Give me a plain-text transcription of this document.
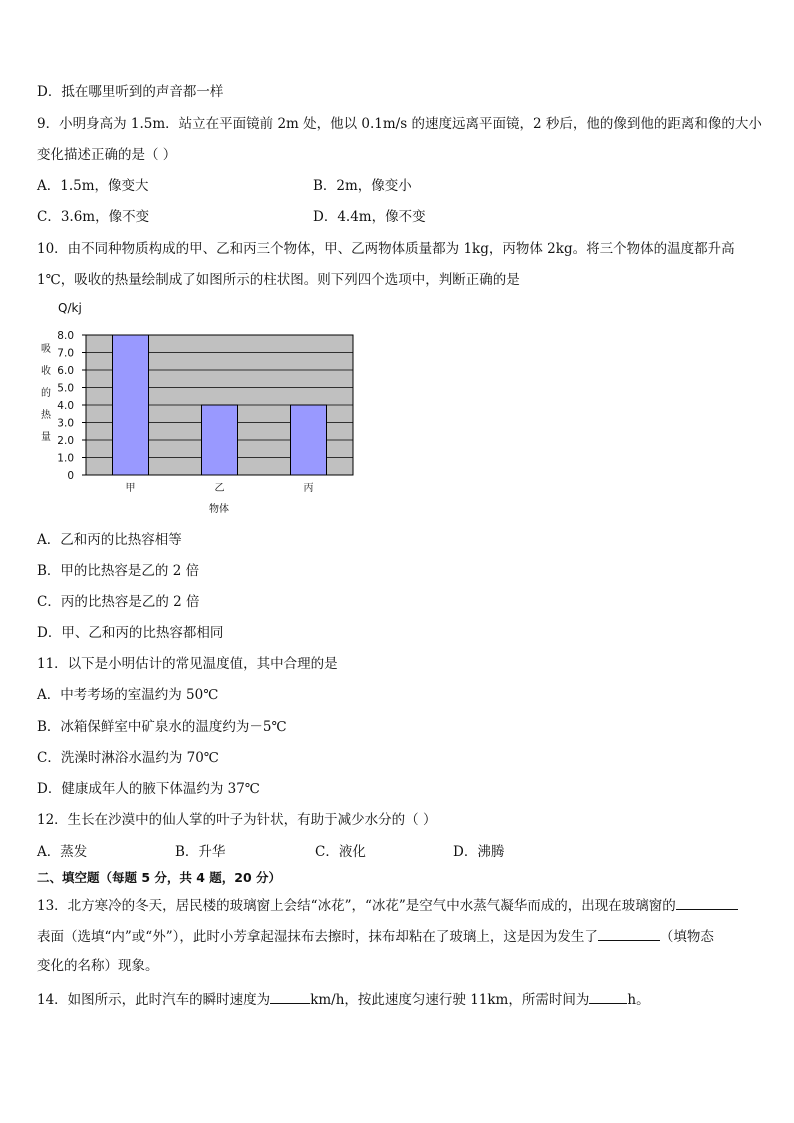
D．抵在哪里听到的声音都一样
9．小明身高为 1.5m．站立在平面镜前 2m 处，他以 0.1m/s 的速度远离平面镜，2 秒后，他的像到他的距离和像的大小
变化描述正确的是（ ）
A．1.5m，像变大	B．2m，像变小
C．3.6m，像不变	D．4.4m，像不变
10．由不同种物质构成的甲、乙和丙三个物体，甲、乙两物体质量都为 1kg，丙物体 2kg。将三个物体的温度都升高
1℃，吸收的热量绘制成了如图所示的柱状图。则下列四个选项中，判断正确的是
Q/kj
吸
收
的
热
量
0
1.0
2.0
3.0
4.0
5.0
6.0
7.0
8.0
甲	乙	丙
物体
A．乙和丙的比热容相等
B．甲的比热容是乙的 2 倍
C．丙的比热容是乙的 2 倍
D．甲、乙和丙的比热容都相同
11．以下是小明估计的常见温度值，其中合理的是
A．中考考场的室温约为 50℃
B．冰箱保鲜室中矿泉水的温度约为－5℃
C．洗澡时淋浴水温约为 70℃
D．健康成年人的腋下体温约为 37℃
12．生长在沙漠中的仙人掌的叶子为针状，有助于减少水分的（ ）
A．蒸发	B．升华	C．液化	D．沸腾
二、填空题（每题 5 分，共 4 题，20 分）
13．北方寒冷的冬天，居民楼的玻璃窗上会结“冰花”，“冰花”是空气中水蒸气凝华而成的，出现在玻璃窗的
表面（选填“内”或“外”），此时小芳拿起湿抹布去擦时，抹布却粘在了玻璃上，这是因为发生了	（填物态
变化的名称）现象。
14．如图所示，此时汽车的瞬时速度为	km/h，按此速度匀速行驶 11km，所需时间为	h。
